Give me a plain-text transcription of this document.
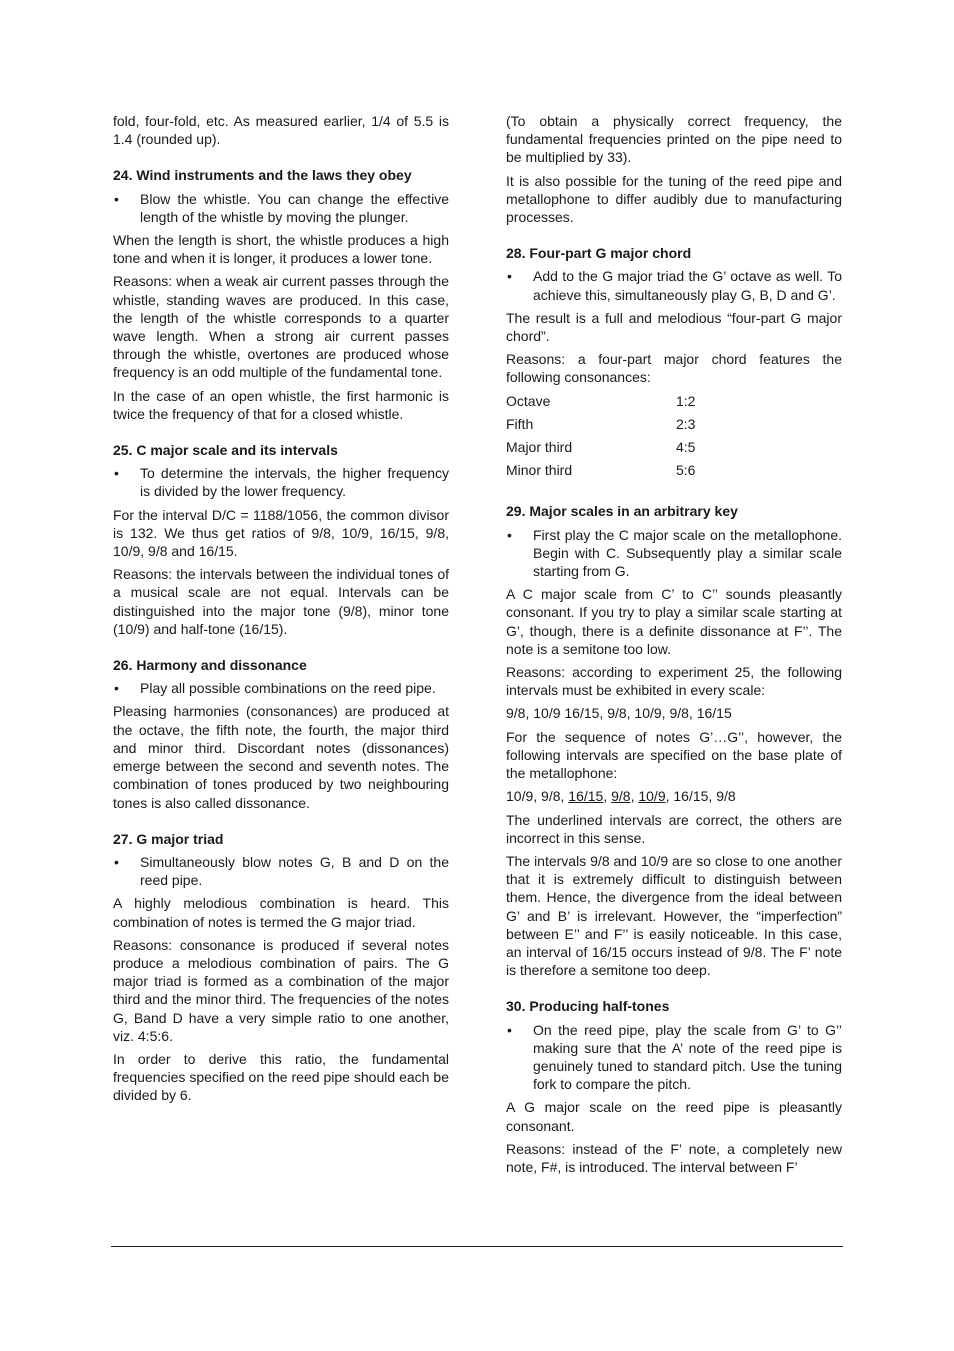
fold, four-fold, etc. As measured earlier, 1/4 of 5.5 is 1.4 (rounded up).

24. Wind instruments and the laws they obey
• Blow the whistle. You can change the effective length of the whistle by moving the plunger.

When the length is short, the whistle produces a high tone and when it is longer, it produces a lower tone.

Reasons: when a weak air current passes through the whistle, standing waves are produced. In this case, the length of the whistle corresponds to a quarter wave length. When a strong air current passes through the whistle, overtones are produced whose frequency is an odd multiple of the fundamental tone.

In the case of an open whistle, the first harmonic is twice the frequency of that for a closed whistle.

25. C major scale and its intervals
• To determine the intervals, the higher frequency is divided by the lower frequency.

For the interval D/C = 1188/1056, the common divisor is 132. We thus get ratios of 9/8, 10/9, 16/15, 9/8, 10/9, 9/8 and 16/15.

Reasons: the intervals between the individual tones of a musical scale are not equal. Intervals can be distinguished into the major tone (9/8), minor tone (10/9) and half-tone (16/15).

26. Harmony and dissonance
• Play all possible combinations on the reed pipe.

Pleasing harmonies (consonances) are produced at the octave, the fifth note, the fourth, the major third and minor third. Discordant notes (dissonances) emerge between the second and seventh notes. The combination of tones produced by two neighbouring tones is also called dissonance.

27. G major triad
• Simultaneously blow notes G, B and D on the reed pipe.

A highly melodious combination is heard. This combination of notes is termed the G major triad.

Reasons: consonance is produced if several notes produce a melodious combination of pairs. The G major triad is formed as a combination of the major third and the minor third. The frequencies of the notes G, Band D have a very simple ratio to one another, viz. 4:5:6.

In order to derive this ratio, the fundamental frequencies specified on the reed pipe should each be divided by 6.

(To obtain a physically correct frequency, the fundamental frequencies printed on the pipe need to be multiplied by 33).

It is also possible for the tuning of the reed pipe and metallophone to differ audibly due to manufacturing processes.

28. Four-part G major chord
• Add to the G major triad the G’ octave as well. To achieve this, simultaneously play G, B, D and G’.

The result is a full and melodious “four-part G major chord”.

Reasons: a four-part major chord features the following consonances:

Octave	1:2
Fifth	2:3
Major third	4:5
Minor third	5:6
29. Major scales in an arbitrary key
• First play the C major scale on the metallophone. Begin with C. Subsequently play a similar scale starting from G.

A C major scale from C’ to C’’ sounds pleasantly consonant. If you try to play a similar scale starting at G’, though, there is a definite dissonance at F’’. The note is a semitone too low.

Reasons: according to experiment 25, the following intervals must be exhibited in every scale:

9/8, 10/9 16/15, 9/8, 10/9, 9/8, 16/15

For the sequence of notes G’…G’’, however, the following intervals are specified on the base plate of the metallophone:

10/9, 9/8, 16/15, 9/8, 10/9, 16/15, 9/8

The underlined intervals are correct, the others are incorrect in this sense.

The intervals 9/8 and 10/9 are so close to one another that it is extremely difficult to distinguish between them. Hence, the divergence from the ideal between G’ and B’ is irrelevant. However, the “imperfection” between E’’ and F’’ is easily noticeable. In this case, an interval of 16/15 occurs instead of 9/8. The F’ note is therefore a semitone too deep.

30. Producing half-tones
• On the reed pipe, play the scale from G’ to G’’ making sure that the A’ note of the reed pipe is genuinely tuned to standard pitch. Use the tuning fork to compare the pitch.

A G major scale on the reed pipe is pleasantly consonant.

Reasons: instead of the F’ note, a completely new note, F#, is introduced. The interval between F’
